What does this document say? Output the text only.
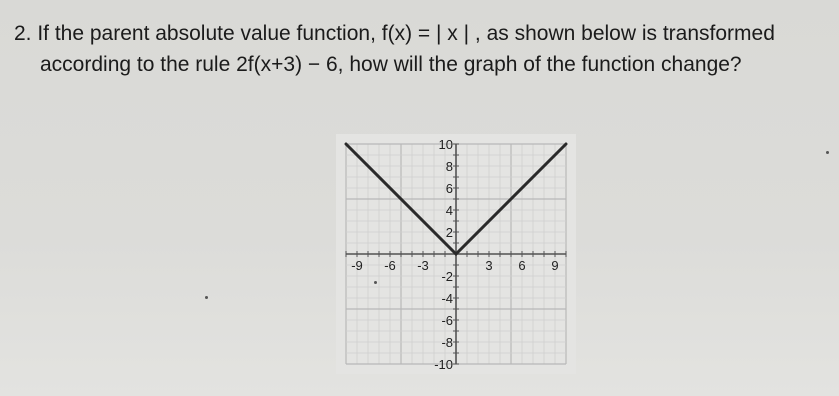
2. If the parent absolute value function, f(x) = | x | , as shown below is transformed
according to the rule 2f(x+3) − 6, how will the graph of the function change?
-9 -6 -3	3 6 9
10
8
6
4
2
-2
-4
-6
-8
-10
